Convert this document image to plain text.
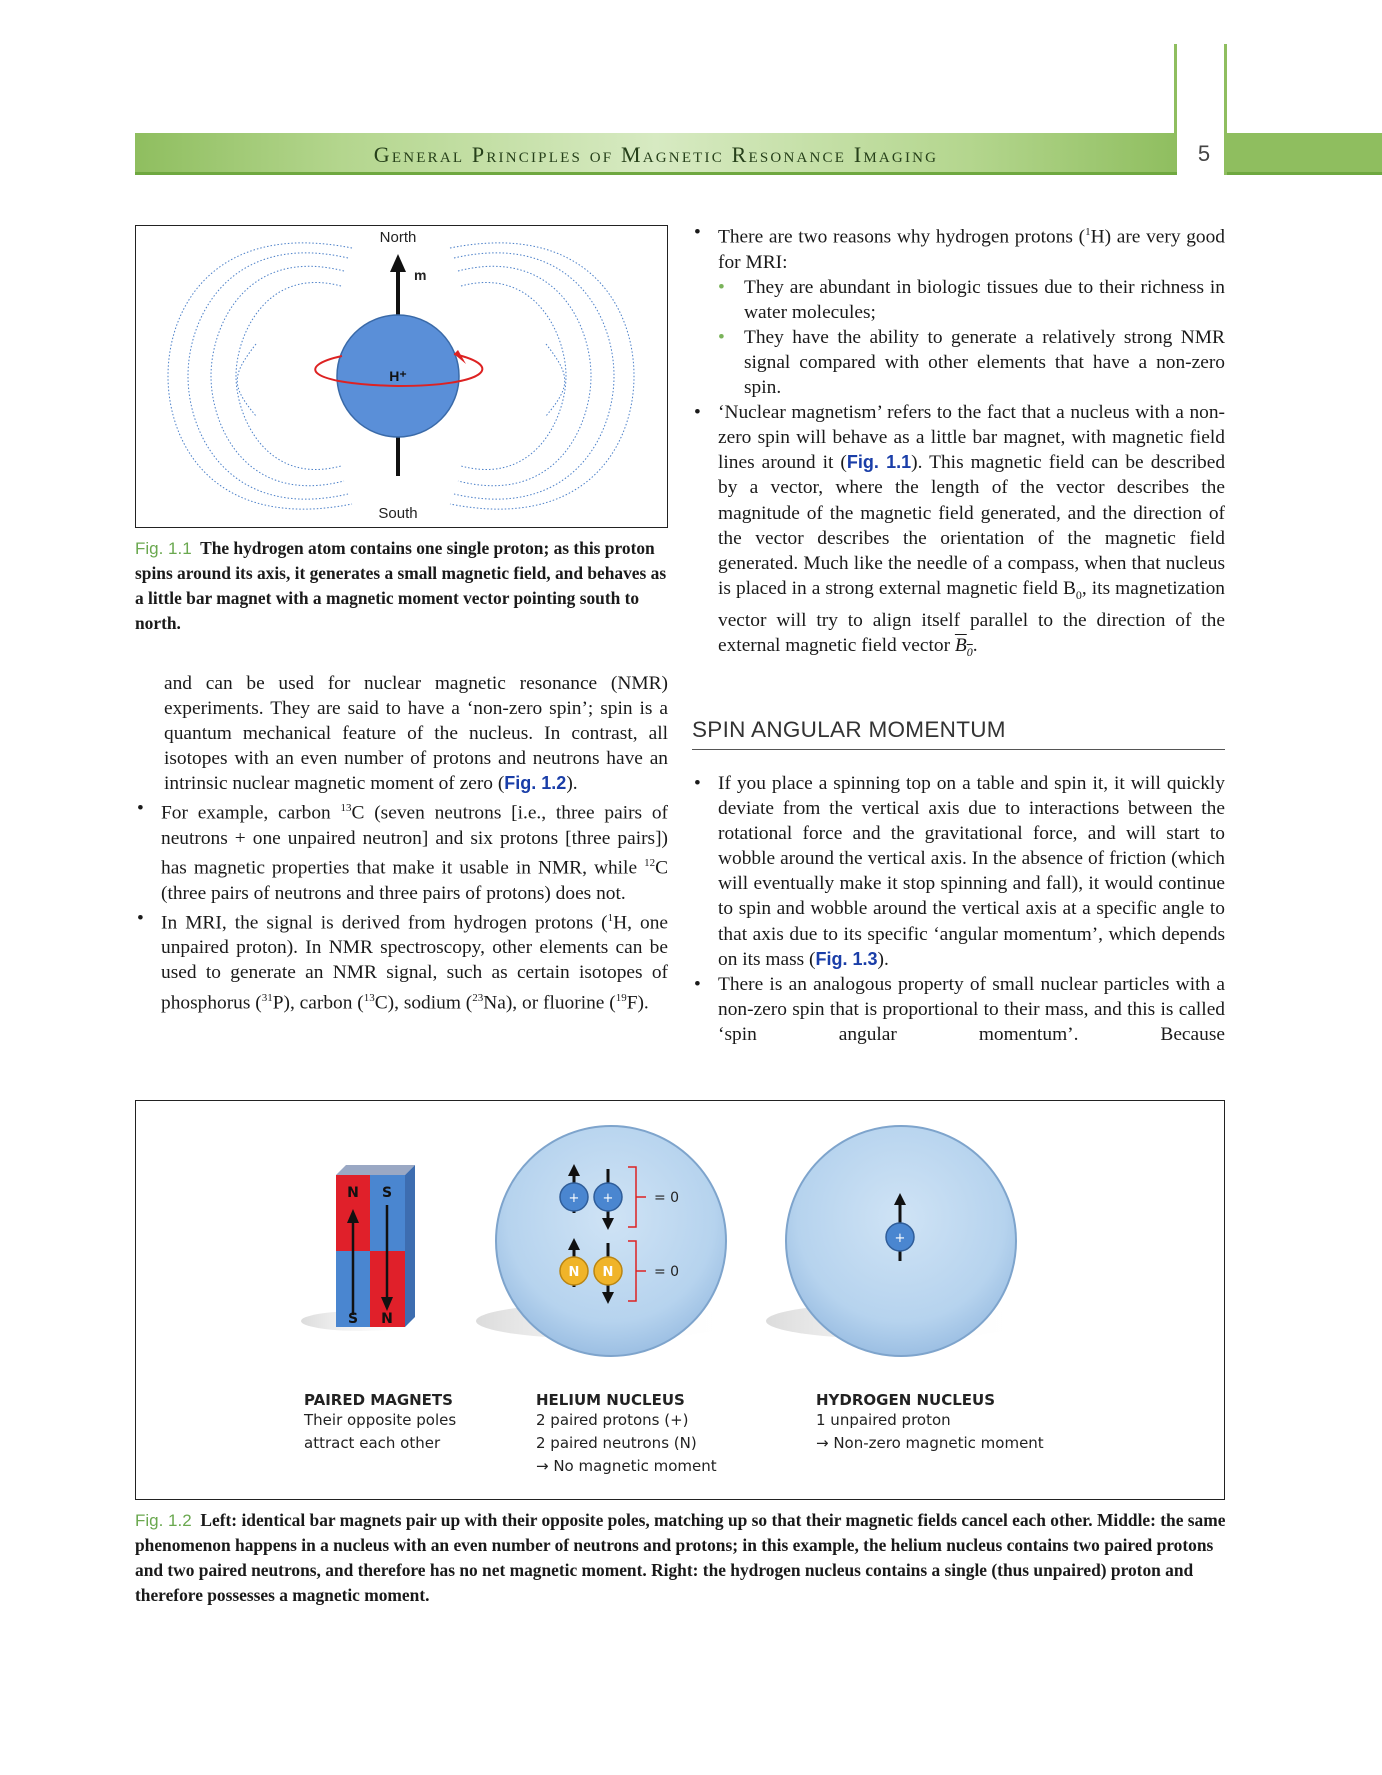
General Principles of Magnetic Resonance Imaging	5
North
m
H⁺
South
Fig. 1.1 The hydrogen atom contains one single proton; as this proton spins around its axis, it generates a small magnetic field, and behaves as a little bar magnet with a magnetic moment vector pointing south to north.

and can be used for nuclear magnetic resonance (NMR) experiments. They are said to have a ‘non-zero spin’; spin is a quantum mechanical feature of the nucleus. In contrast, all isotopes with an even number of protons and neutrons have an intrinsic nuclear magnetic moment of zero (Fig. 1.2).

• For example, carbon $^{13}$C (seven neutrons [i.e., three pairs of neutrons + one unpaired neutron] and six protons [three pairs]) has magnetic properties that make it usable in NMR, while $^{12}$C (three pairs of neutrons and three pairs of protons) does not.
• In MRI, the signal is derived from hydrogen protons ($^1$H, one unpaired proton). In NMR spectroscopy, other elements can be used to generate an NMR signal, such as certain isotopes of phosphorus ($^{31}$P), carbon ($^{13}$C), sodium ($^{23}$Na), or fluorine ($^{19}$F).
• There are two reasons why hydrogen protons ($^1$H) are very good for MRI:
• They are abundant in biologic tissues due to their richness in water molecules;
• They have the ability to generate a relatively strong NMR signal compared with other elements that have a non-zero spin.
• ‘Nuclear magnetism’ refers to the fact that a nucleus with a non-zero spin will behave as a little bar magnet, with magnetic field lines around it (Fig. 1.1). This magnetic field can be described by a vector, where the length of the vector describes the magnitude of the magnetic field generated, and the direction of the vector describes the orientation of the magnetic field generated. Much like the needle of a compass, when that nucleus is placed in a strong external magnetic field $B_0$, its magnetization vector will try to align itself parallel to the direction of the external magnetic field vector $B_0$.
SPIN ANGULAR MOMENTUM
• If you place a spinning top on a table and spin it, it will quickly deviate from the vertical axis due to interactions between the rotational force and the gravitational force, and will start to wobble around the vertical axis. In the absence of friction (which will eventually make it stop spinning and fall), it would continue to spin and wobble around the vertical axis at a specific angle to that axis due to its specific ‘angular momentum’, which depends on its mass (Fig. 1.3).
• There is an analogous property of small nuclear particles with a non-zero spin that is proportional to their mass, and this is called ‘spin angular momentum’. Because
N S
S N
+ +	= 0
N N	= 0
+
PAIRED MAGNETS
Their opposite poles
attract each other
HELIUM NUCLEUS
2 paired protons (+)
2 paired neutrons (N)
→ No magnetic moment
HYDROGEN NUCLEUS
1 unpaired proton
→ Non-zero magnetic moment
Fig. 1.2 Left: identical bar magnets pair up with their opposite poles, matching up so that their magnetic fields cancel each other. Middle: the same phenomenon happens in a nucleus with an even number of neutrons and protons; in this example, the helium nucleus contains two paired protons and two paired neutrons, and therefore has no net magnetic moment. Right: the hydrogen nucleus contains a single (thus unpaired) proton and therefore possesses a magnetic moment.
